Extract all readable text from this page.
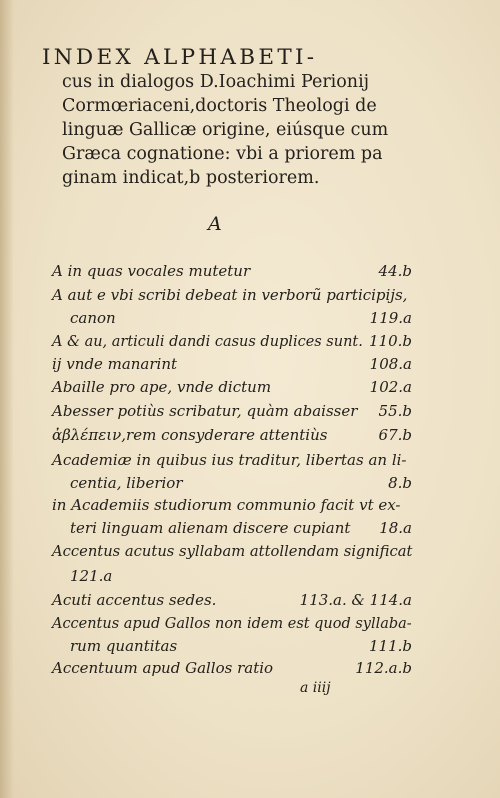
INDEX ALPHABETI-
cus in dialogos D.Ioachimi Perionij
Cormœriaceni,doctoris Theologi de
linguæ Gallicæ origine, eiúsque cum
Græca cognatione: vbi a priorem pa
ginam indicat,b posteriorem.
A
A in quas vocales mutetur	44.b
A aut e vbi scribi debeat in verborũ participijs,
canon	119.a
A & au, articuli dandi casus duplices sunt. 110.b
ij vnde manarint	108.a
Abaille pro ape, vnde dictum	102.a
Abesser potiùs scribatur, quàm abaisser 55.b
ἀβλέπειν,rem consyderare attentiùs	67.b
Academiæ in quibus ius traditur, libertas an li-
centia, liberior	8.b
in Academiis studiorum communio facit vt ex-
teri linguam alienam discere cupiant 18.a
Accentus acutus syllabam attollendam significat
121.a
Acuti accentus sedes.	113.a. & 114.a
Accentus apud Gallos non idem est quod syllaba-
rum quantitas	111.b
Accentuum apud Gallos ratio	112.a.b
a iiij
